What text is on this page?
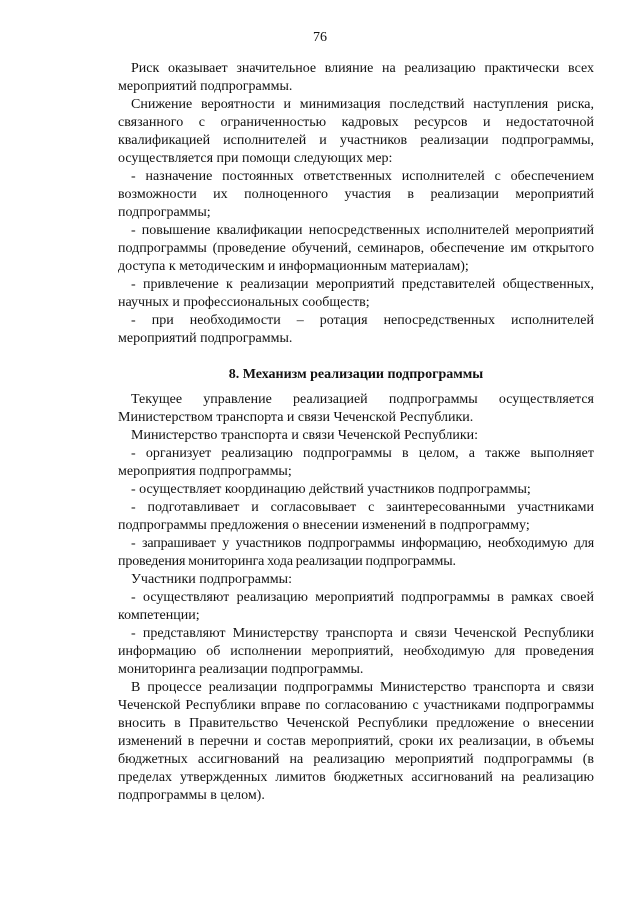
76

Риск оказывает значительное влияние на реализацию практически всех мероприятий подпрограммы.

Снижение вероятности и минимизация последствий наступления риска, связанного с ограниченностью кадровых ресурсов и недостаточной квалификацией исполнителей и участников реализации подпрограммы, осуществляется при помощи следующих мер:

- назначение постоянных ответственных исполнителей с обеспечением возможности их полноценного участия в реализации мероприятий подпрограммы;

- повышение квалификации непосредственных исполнителей мероприятий подпрограммы (проведение обучений, семинаров, обеспечение им открытого доступа к методическим и информационным материалам);

- привлечение к реализации мероприятий представителей общественных, научных и профессиональных сообществ;

- при необходимости – ротация непосредственных исполнителей мероприятий подпрограммы.

8. Механизм реализации подпрограммы

Текущее управление реализацией подпрограммы осуществляется Министерством транспорта и связи Чеченской Республики.

Министерство транспорта и связи Чеченской Республики:

- организует реализацию подпрограммы в целом, а также выполняет мероприятия подпрограммы;

- осуществляет координацию действий участников подпрограммы;

- подготавливает и согласовывает с заинтересованными участниками подпрограммы предложения о внесении изменений в подпрограмму;

- запрашивает у участников подпрограммы информацию, необходимую для проведения мониторинга хода реализации подпрограммы.

Участники подпрограммы:

- осуществляют реализацию мероприятий подпрограммы в рамках своей компетенции;

- представляют Министерству транспорта и связи Чеченской Республики информацию об исполнении мероприятий, необходимую для проведения мониторинга реализации подпрограммы.

В процессе реализации подпрограммы Министерство транспорта и связи Чеченской Республики вправе по согласованию с участниками подпрограммы вносить в Правительство Чеченской Республики предложение о внесении изменений в перечни и состав мероприятий, сроки их реализации, в объемы бюджетных ассигнований на реализацию мероприятий подпрограммы (в пределах утвержденных лимитов бюджетных ассигнований на реализацию подпрограммы в целом).
